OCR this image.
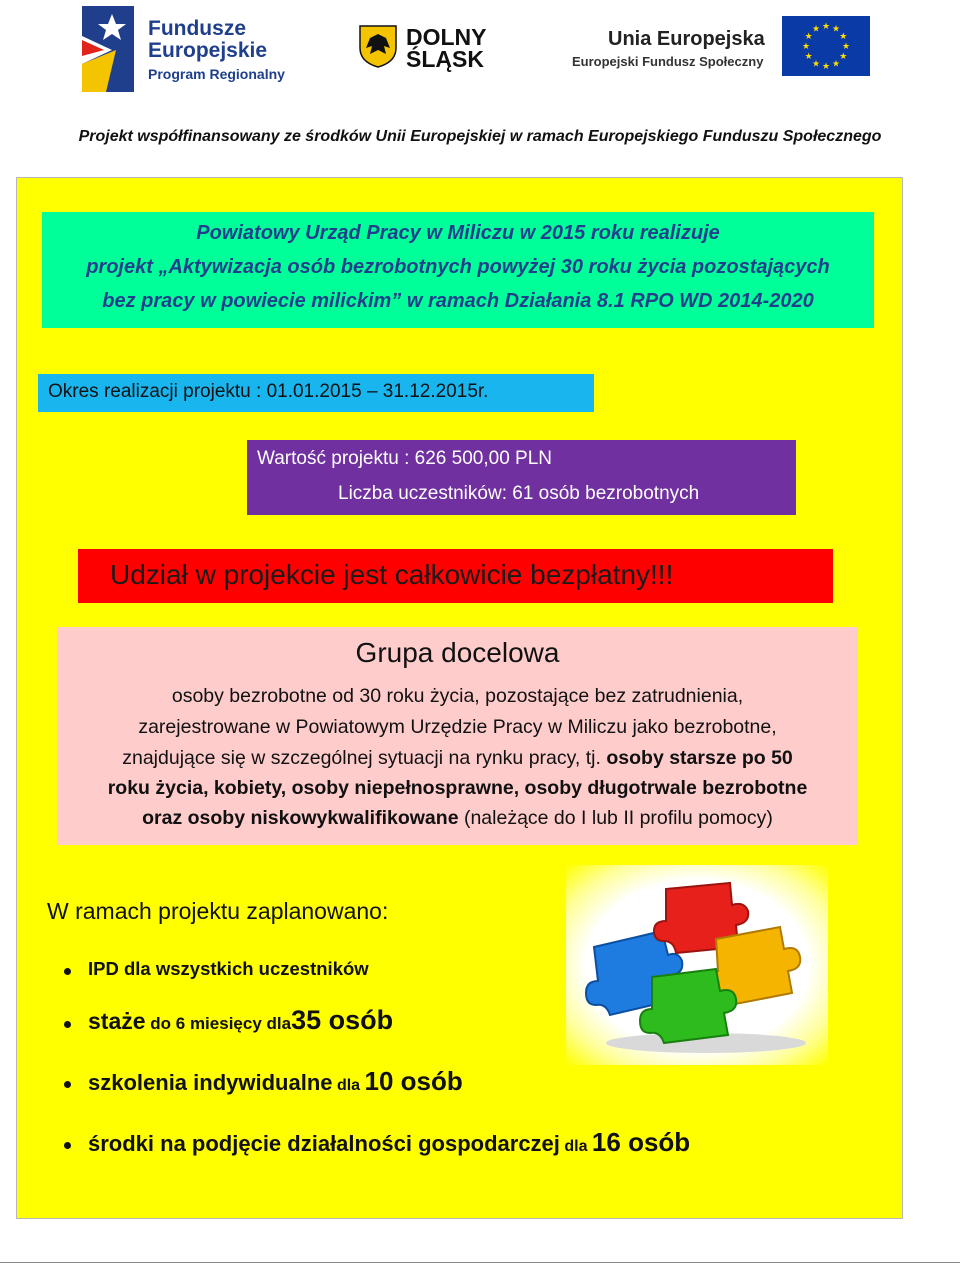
Fundusze
Europejskie
Program Regionalny
DOLNY
ŚLĄSK
Unia Europejska
Europejski Fundusz Społeczny
★
★
★
★
★
★
★
★
★ ★ ★
★
Projekt współfinansowany ze środków Unii Europejskiej w ramach Europejskiego Funduszu Społecznego
Powiatowy Urząd Pracy w Miliczu w 2015 roku realizuje
projekt „Aktywizacja osób bezrobotnych powyżej 30 roku życia pozostających
bez pracy w powiecie milickim” w ramach Działania 8.1 RPO WD 2014-2020
Okres realizacji projektu : 01.01.2015 – 31.12.2015r.
Wartość projektu : 626 500,00 PLN
Liczba uczestników: 61 osób bezrobotnych
Udział w projekcie jest całkowicie bezpłatny!!!
Grupa docelowa
osoby bezrobotne od 30 roku życia, pozostające bez zatrudnienia,
zarejestrowane w Powiatowym Urzędzie Pracy w Miliczu jako bezrobotne,
znajdujące się w szczególnej sytuacji na rynku pracy, tj. osoby starsze po 50
roku życia, kobiety, osoby niepełnosprawne, osoby długotrwale bezrobotne
oraz osoby niskowykwalifikowane (należące do I lub II profilu pomocy)
W ramach projektu zaplanowano:
IPD dla wszystkich uczestników
staże do 6 miesięcy dla35 osób
szkolenia indywidualne dla 10 osób
środki na podjęcie działalności gospodarczej dla 16 osób
